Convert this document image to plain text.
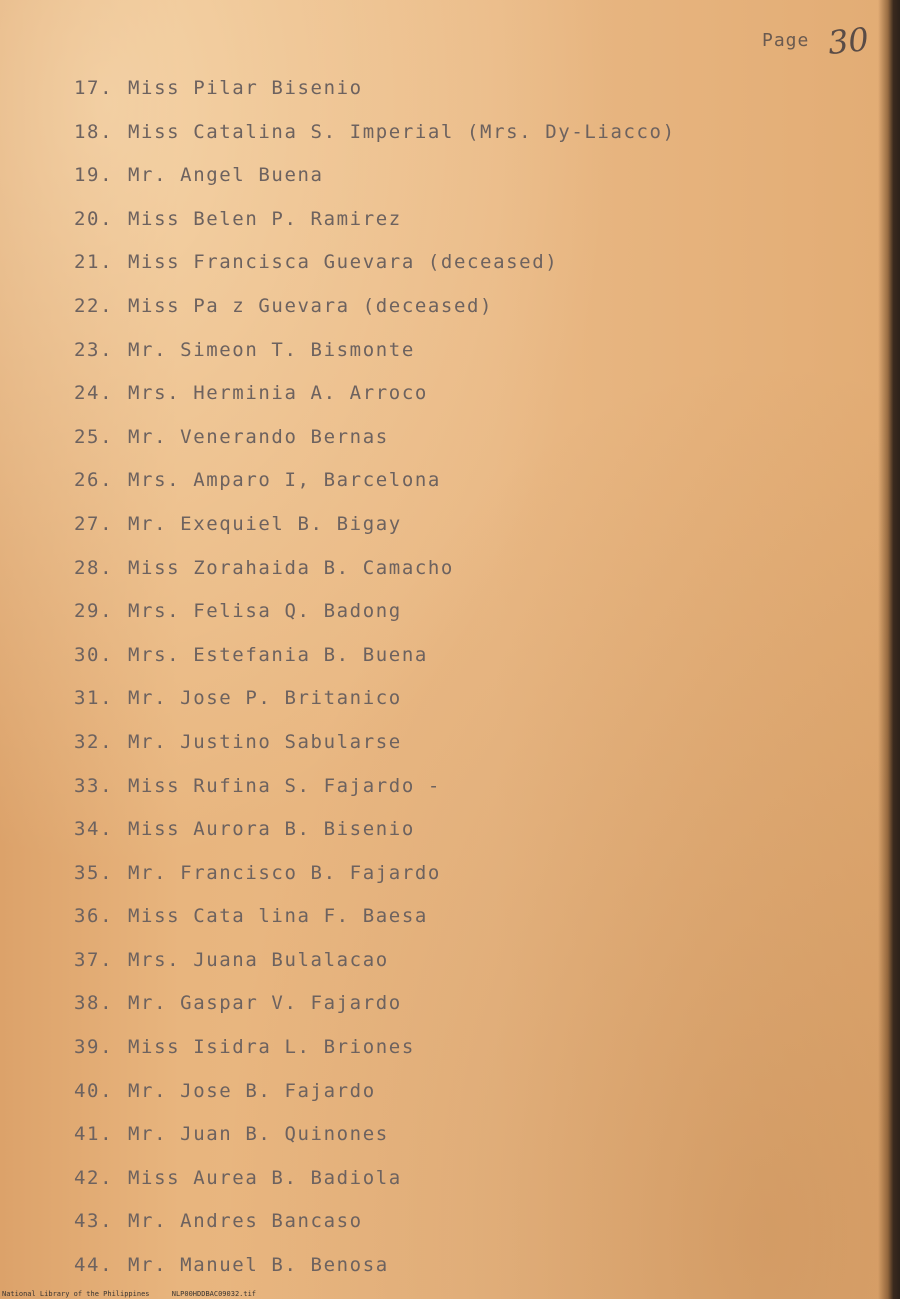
Page 30
17. Miss Pilar Bisenio
18. Miss Catalina S. Imperial (Mrs. Dy-Liacco)
19. Mr. Angel Buena
20. Miss Belen P. Ramirez
21. Miss Francisca Guevara (deceased)
22. Miss Pa z Guevara (deceased)
23. Mr. Simeon T. Bismonte
24. Mrs. Herminia A. Arroco
25. Mr. Venerando Bernas
26. Mrs. Amparo I, Barcelona
27. Mr. Exequiel B. Bigay
28. Miss Zorahaida B. Camacho
29. Mrs. Felisa Q. Badong
30. Mrs. Estefania B. Buena
31. Mr. Jose P. Britanico
32. Mr. Justino Sabularse
33. Miss Rufina S. Fajardo -
34. Miss Aurora B. Bisenio
35. Mr. Francisco B. Fajardo
36. Miss Cata lina F. Baesa
37. Mrs. Juana Bulalacao
38. Mr. Gaspar V. Fajardo
39. Miss Isidra L. Briones
40. Mr. Jose B. Fajardo
41. Mr. Juan B. Quinones
42. Miss Aurea B. Badiola
43. Mr. Andres Bancaso
44. Mr. Manuel B. Benosa
National Library of the Philippines	NLP00HDDBAC09032.tif
